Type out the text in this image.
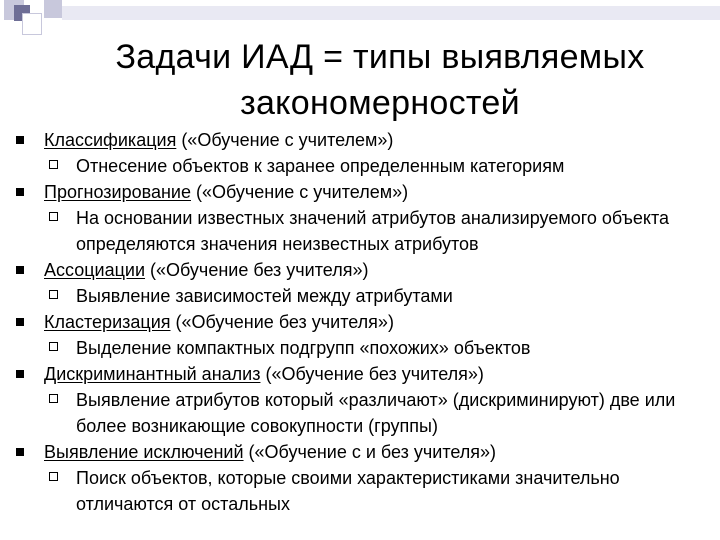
Задачи ИАД = типы выявляемых закономерностей
Классификация («Обучение с учителем»)
Отнесение объектов к заранее определенным категориям
Прогнозирование («Обучение с учителем»)
На основании известных значений атрибутов анализируемого объекта определяются значения неизвестных атрибутов
Ассоциации («Обучение без учителя»)
Выявление зависимостей между атрибутами
Кластеризация («Обучение без учителя»)
Выделение компактных подгрупп «похожих» объектов
Дискриминантный анализ («Обучение без учителя»)
Выявление атрибутов который «различают» (дискриминируют) две или более возникающие совокупности (группы)
Выявление исключений («Обучение с и без учителя»)
Поиск объектов, которые своими характеристиками значительно отличаются от остальных
